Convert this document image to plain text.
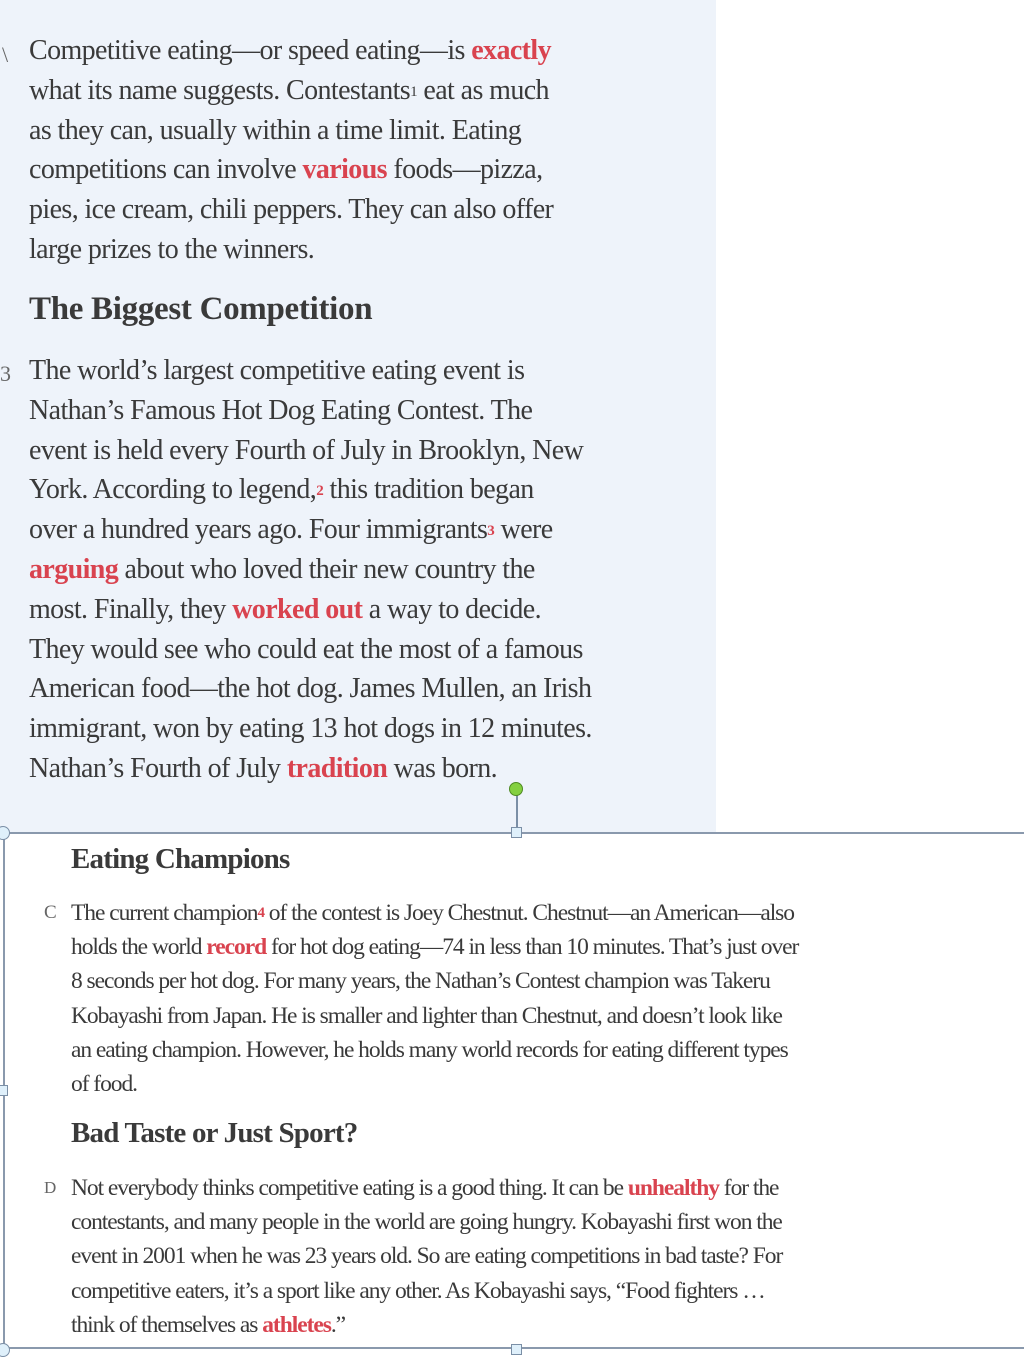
\ Competitive eating—or speed eating—is exactly
what its name suggests. Contestants$^1$ eat as much
as they can, usually within a time limit. Eating
competitions can involve various foods—pizza,
pies, ice cream, chili peppers. They can also offer
large prizes to the winners.
The Biggest Competition
3 The world’s largest competitive eating event is
Nathan’s Famous Hot Dog Eating Contest. The
event is held every Fourth of July in Brooklyn, New
York. According to legend,$^2$ this tradition began
over a hundred years ago. Four immigrants$^3$ were
arguing about who loved their new country the
most. Finally, they worked out a way to decide.
They would see who could eat the most of a famous
American food—the hot dog. James Mullen, an Irish
immigrant, won by eating 13 hot dogs in 12 minutes.
Nathan’s Fourth of July tradition was born.
Eating Champions
C The current champion$^4$ of the contest is Joey Chestnut. Chestnut—an American—also
holds the world record for hot dog eating—74 in less than 10 minutes. That’s just over
8 seconds per hot dog. For many years, the Nathan’s Contest champion was Takeru
Kobayashi from Japan. He is smaller and lighter than Chestnut, and doesn’t look like
an eating champion. However, he holds many world records for eating different types
of food.
Bad Taste or Just Sport?
D Not everybody thinks competitive eating is a good thing. It can be unhealthy for the
contestants, and many people in the world are going hungry. Kobayashi first won the
event in 2001 when he was 23 years old. So are eating competitions in bad taste? For
competitive eaters, it’s a sport like any other. As Kobayashi says, “Food fighters …
think of themselves as athletes.”
